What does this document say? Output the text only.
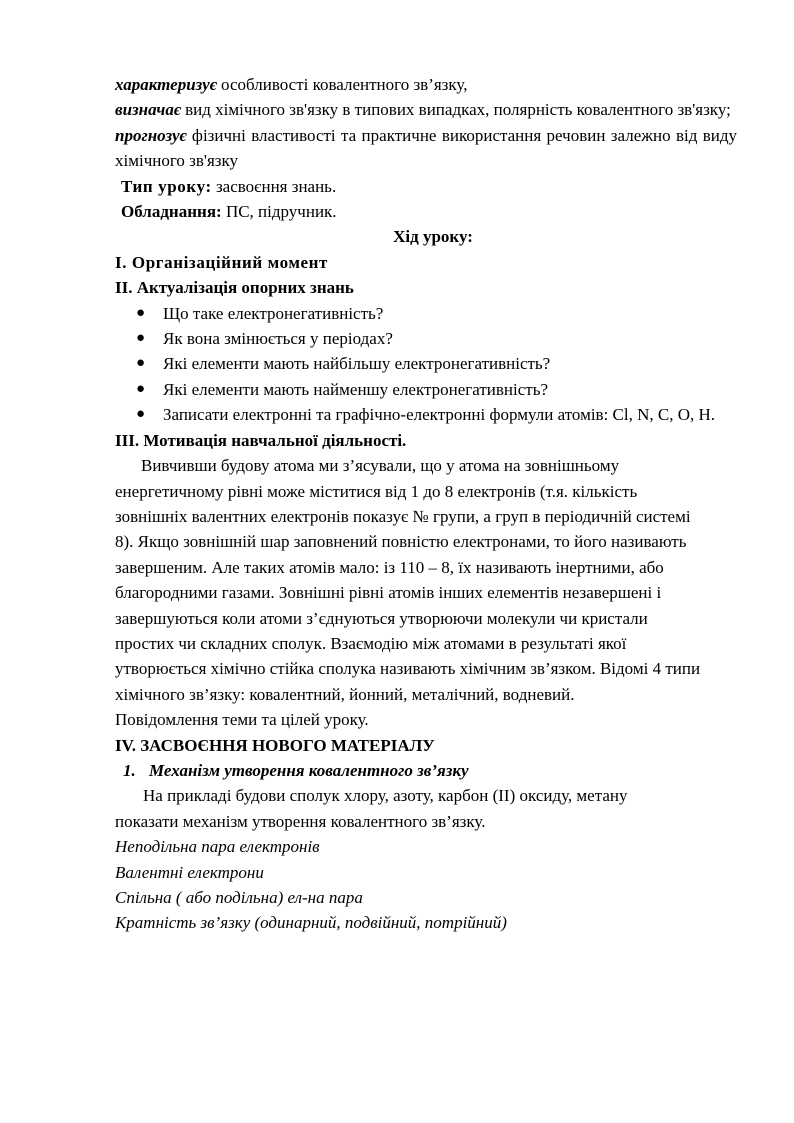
характеризує особливості ковалентного зв’язку,

визначає вид хімічного зв'язку в типових випадках, полярність ковалентного зв'язку;

прогнозує фізичні властивості та практичне використання речовин залежно від виду хімічного зв'язку

Тип уроку: засвоєння знань.

Обладнання: ПС, підручник.

Хід уроку:

I. Організаційний момент

II. Актуалізація опорних знань

● Що таке електронегативність?
● Як вона змінюється у періодах?
● Які елементи мають найбільшу електронегативність?
● Які елементи мають найменшу електронегативність?
● Записати електронні та графічно-електронні формули атомів: Cl, N, C, O, H.

III. Мотивація навчальної діяльності.

Вивчивши будову атома ми з’ясували, що у атома на зовнішньому енергетичному рівні може міститися від 1 до 8 електронів (т.я. кількість зовнішніх валентних електронів показує № групи, а груп в періодичній системі 8). Якщо зовнішній шар заповнений повністю електронами, то його називають завершеним. Але таких атомів мало: із 110 – 8, їх називають інертними, або благородними газами. Зовнішні рівні атомів інших елементів незавершені і завершуються коли атоми з’єднуються утворюючи молекули чи кристали простих чи складних сполук. Взаємодію між атомами в результаті якої утворюється хімічно стійка сполука називають хімічним зв’язком. Відомі 4 типи хімічного зв’язку: ковалентний, йонний, металічний, водневий.

Повідомлення теми та цілей уроку.

IV. ЗАСВОЄННЯ НОВОГО МАТЕРІАЛУ

1. Механізм утворення ковалентного зв’язку

На прикладі будови сполук хлору, азоту, карбон (ІІ) оксиду, метану показати механізм утворення ковалентного зв’язку.

Неподільна пара електронів

Валентні електрони

Спільна ( або подільна) ел-на пара

Кратність зв’язку (одинарний, подвійний, потрійний)
